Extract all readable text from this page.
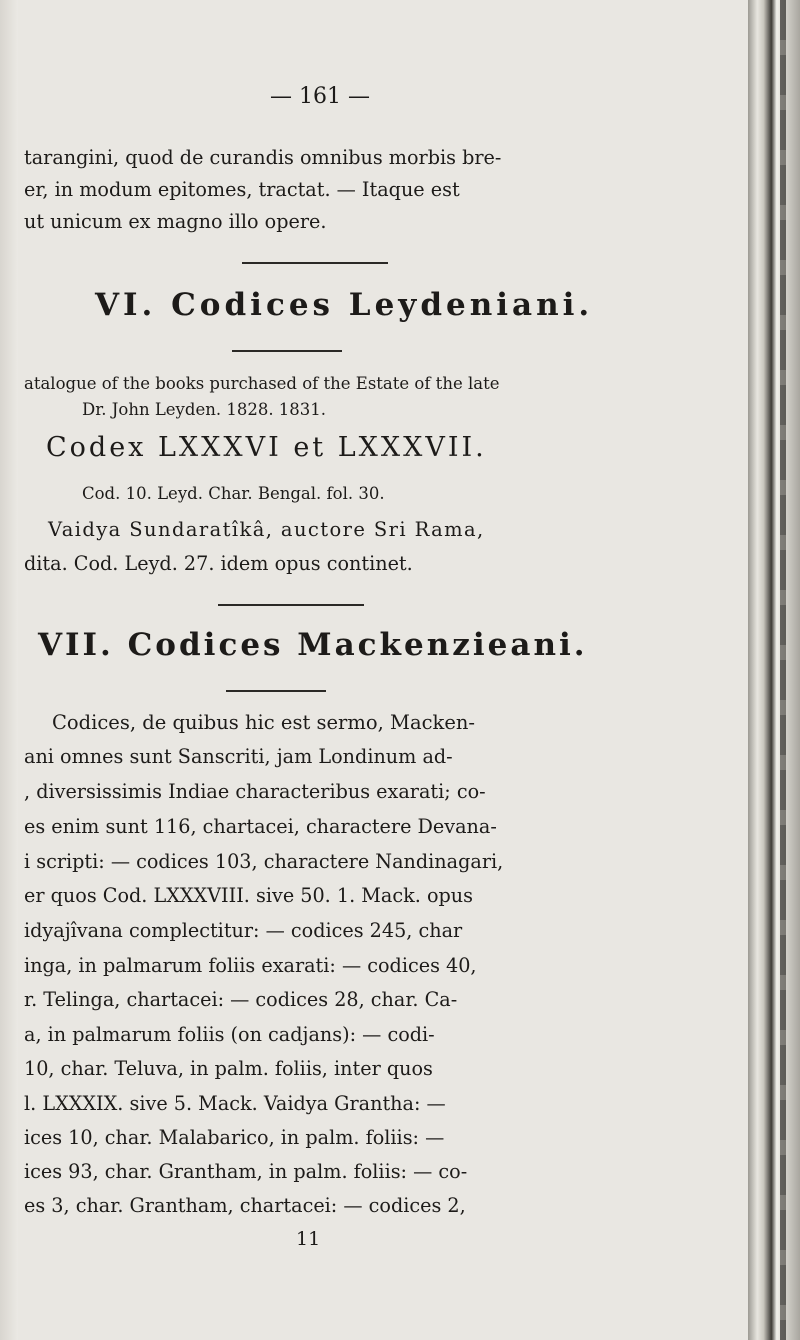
— 161 —
tarangini, quod de curandis omnibus morbis bre-
er, in modum epitomes, tractat. — Itaque est
ut unicum ex magno illo opere.
VI. Codices Leydeniani.
atalogue of the books purchased of the Estate of the late
Dr. John Leyden. 1828. 1831.
Codex LXXXVI et LXXXVII.
Cod. 10. Leyd. Char. Bengal. fol. 30.
Vaidya Sundaratîkâ, auctore Sri Rama,
dita. Cod. Leyd. 27. idem opus continet.
VII. Codices Mackenzieani.
Codices, de quibus hic est sermo, Macken-
ani omnes sunt Sanscriti, jam Londinum ad-
, diversissimis Indiae characteribus exarati; co-
es enim sunt 116, chartacei, charactere Devana-
i scripti: — codices 103, charactere Nandinagari,
er quos Cod. LXXXVIII. sive 50. 1. Mack. opus
idyajîvana complectitur: — codices 245, char
inga, in palmarum foliis exarati: — codices 40,
r. Telinga, chartacei: — codices 28, char. Ca-
a, in palmarum foliis (on cadjans): — codi-
10, char. Teluva, in palm. foliis, inter quos
l. LXXXIX. sive 5. Mack. Vaidya Grantha: —
ices 10, char. Malabarico, in palm. foliis: —
ices 93, char. Grantham, in palm. foliis: — co-
es 3, char. Grantham, chartacei: — codices 2,
11
